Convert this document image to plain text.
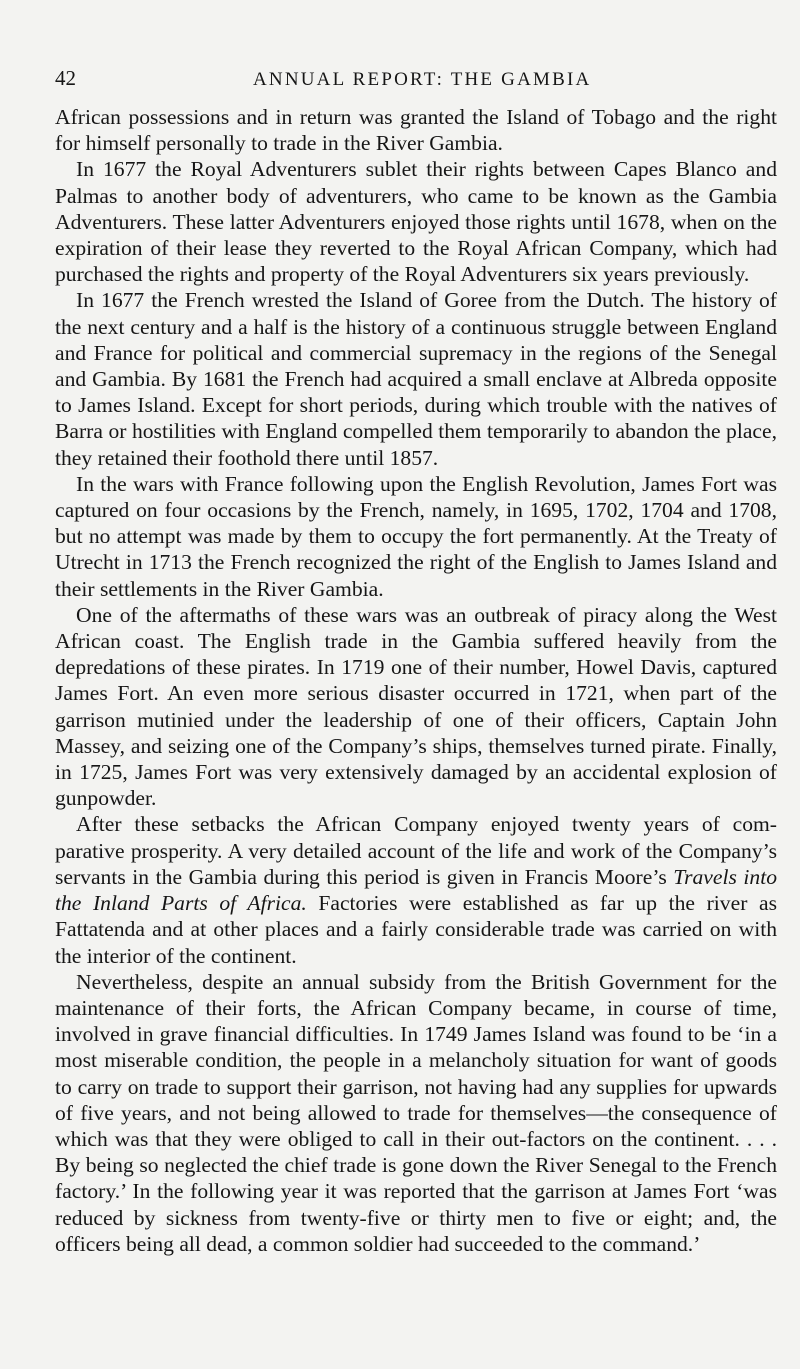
42	ANNUAL REPORT: THE GAMBIA

African possessions and in return was granted the Island of Tobago and the right for himself personally to trade in the River Gambia.

In 1677 the Royal Adventurers sublet their rights between Capes Blanco and Palmas to another body of adventurers, who came to be known as the Gambia Adventurers. These latter Adventurers enjoyed those rights until 1678, when on the expiration of their lease they reverted to the Royal African Company, which had purchased the rights and property of the Royal Adventurers six years previously.

In 1677 the French wrested the Island of Goree from the Dutch. The history of the next century and a half is the history of a continuous struggle between England and France for political and commercial supremacy in the regions of the Senegal and Gambia. By 1681 the French had acquired a small enclave at Albreda opposite to James Island. Except for short periods, during which trouble with the natives of Barra or hostilities with England compelled them temporarily to abandon the place, they retained their foothold there until 1857.

In the wars with France following upon the English Revolution, James Fort was captured on four occasions by the French, namely, in 1695, 1702, 1704 and 1708, but no attempt was made by them to occupy the fort permanently. At the Treaty of Utrecht in 1713 the French recognized the right of the English to James Island and their settlements in the River Gambia.

One of the aftermaths of these wars was an outbreak of piracy along the West African coast. The English trade in the Gambia suffered heavily from the depredations of these pirates. In 1719 one of their number, Howel Davis, captured James Fort. An even more serious disaster occurred in 1721, when part of the garrison mutinied under the leadership of one of their officers, Captain John Massey, and seizing one of the Company’s ships, themselves turned pirate. Finally, in 1725, James Fort was very extensively damaged by an accidental explosion of gunpowder.

After these setbacks the African Company enjoyed twenty years of com- parative prosperity. A very detailed account of the life and work of the Company’s servants in the Gambia during this period is given in Francis Moore’s Travels into the Inland Parts of Africa. Factories were established as far up the river as Fattatenda and at other places and a fairly considerable trade was carried on with the interior of the continent.

Nevertheless, despite an annual subsidy from the British Government for the maintenance of their forts, the African Company became, in course of time, involved in grave financial difficulties. In 1749 James Island was found to be ‘in a most miserable condition, the people in a melancholy situation for want of goods to carry on trade to support their garrison, not having had any supplies for upwards of five years, and not being allowed to trade for themselves—the consequence of which was that they were obliged to call in their out-factors on the continent. . . . By being so neglected the chief trade is gone down the River Senegal to the French factory.’ In the following year it was reported that the garrison at James Fort ‘was reduced by sickness from twenty-five or thirty men to five or eight; and, the officers being all dead, a common soldier had succeeded to the command.’
